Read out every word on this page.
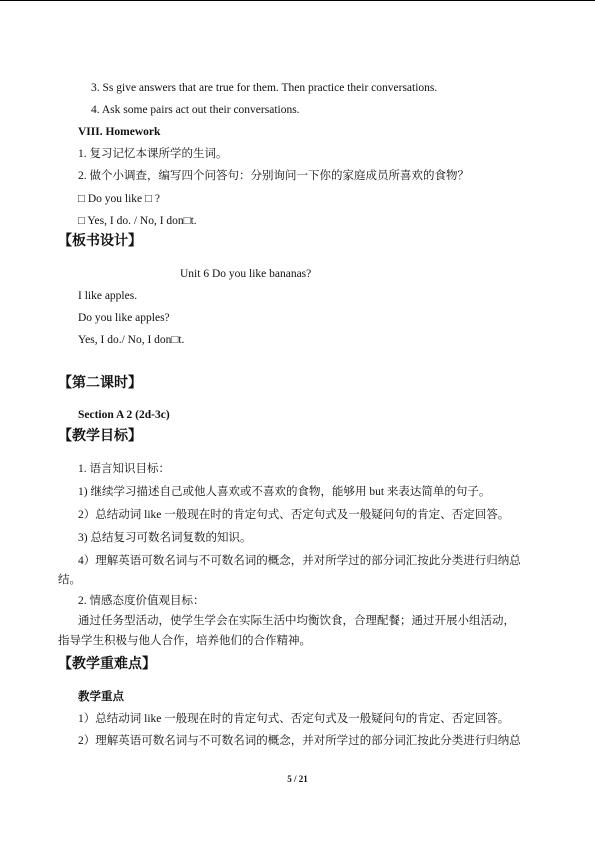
3. Ss give answers that are true for them. Then practice their conversations.
4. Ask some pairs act out their conversations.
VIII. Homework
1. 复习记忆本课所学的生词。
2. 做个小调查，编写四个问答句：分别询问一下你的家庭成员所喜欢的食物？
□ Do you like □ ?
□ Yes, I do. / No, I don□t.
【板书设计】
Unit 6 Do you like bananas?
I like apples.
Do you like apples?
Yes, I do./ No, I don□t.
【第二课时】
Section A 2 (2d-3c)
【教学目标】
1. 语言知识目标：
1) 继续学习描述自己或他人喜欢或不喜欢的食物，能够用 but 来表达简单的句子。
2）总结动词 like 一般现在时的肯定句式、否定句式及一般疑问句的肯定、否定回答。
3) 总结复习可数名词复数的知识。
4）理解英语可数名词与不可数名词的概念，并对所学过的部分词汇按此分类进行归纳总
结。
2. 情感态度价值观目标：
通过任务型活动，使学生学会在实际生活中均衡饮食，合理配餐；通过开展小组活动，
指导学生积极与他人合作，培养他们的合作精神。
【教学重难点】
教学重点
1）总结动词 like 一般现在时的肯定句式、否定句式及一般疑问句的肯定、否定回答。
2）理解英语可数名词与不可数名词的概念，并对所学过的部分词汇按此分类进行归纳总
5 / 21
